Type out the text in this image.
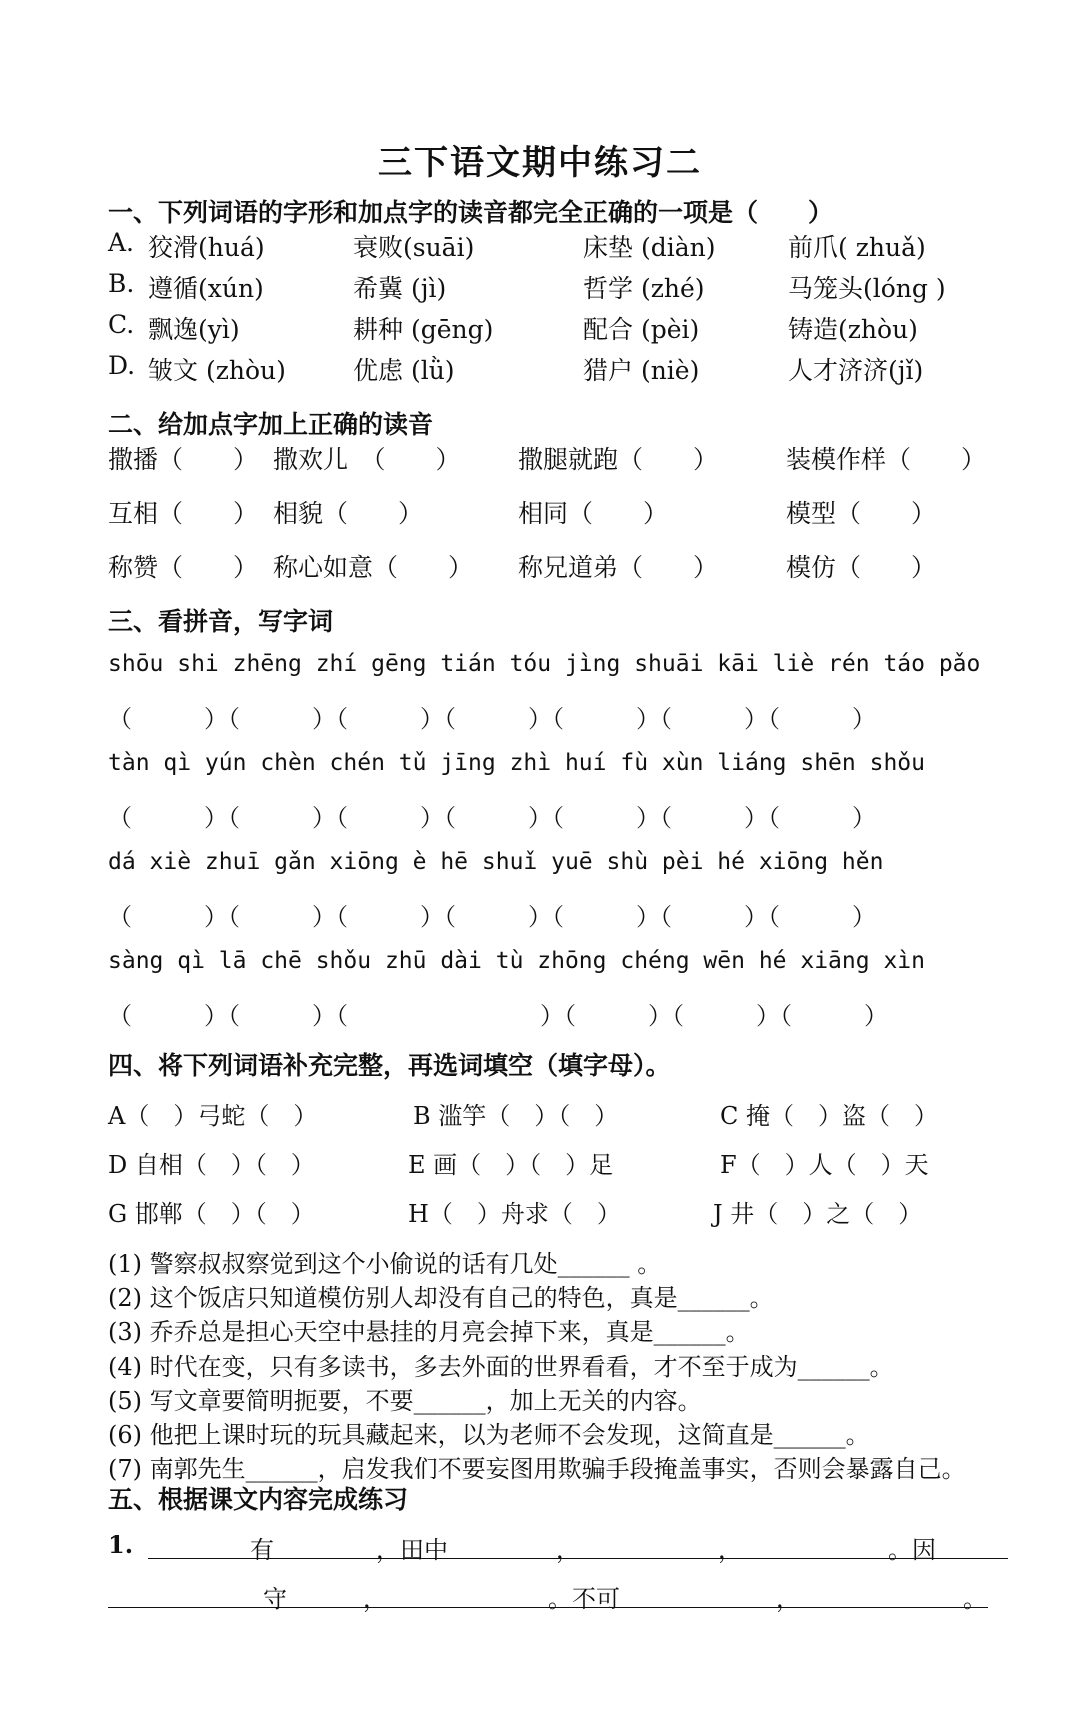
三下语文期中练习二
一、下列词语的字形和加点字的读音都完全正确的一项是（　　）
A. 狡滑(huá)	衰败(suāi)	床垫 (diàn)	前爪( zhuǎ)
B. 遵循(xún)	希冀 (jì)	哲学 (zhé)	马笼头(lóng )
C. 飘逸(yì)	耕种 (gēng)	配合 (pèi)	铸造(zhòu)
D. 皱文 (zhòu)	优虑 (lǜ)	猎户 (niè)	人才济济(jǐ)
二、给加点字加上正确的读音
撒播（　　） 撒欢儿　（　　） 撒腿就跑（　　）	装模作样（　　）
互相（　　） 相貌（　　）	相同（　　）	模型（　　）
称赞（　　） 称心如意（　　） 称兄道弟（　　）	模仿（　　）
三、看拼音，写字词
shōu shi zhēng zhí gēng tián tóu jìng shuāi kāi liè rén táo pǎo
（　　　）（　　　）（　　　）（　　　）（　　　）（　　　）（　　　）
tàn qì yún chèn chén tǔ jīng zhì huí fù xùn liáng shēn shǒu
（　　　）（　　　）（　　　）（　　　）（　　　）（　　　）（　　　）
dá xiè zhuī gǎn xiōng è hē shuǐ yuē shù pèi hé xiōng hěn
（　　　）（　　　）（　　　）（　　　）（　　　）（　　　）（　　　）
sàng qì lā chē shǒu zhū dài tù zhōng chéng wēn hé xiāng xìn
（　　　）（　　　）（　　　　　　　　）（　　　）（　　　）（　　　）
四、将下列词语补充完整，再选词填空（填字母）。
A（　）弓蛇（　）	B 滥竽（　）（　）	C 掩（　）盗（　）
D 自相（　）（　）	E 画（　）（　）足	F（　）人（　）天
G 邯郸（　）（　）	H（　）舟求（　）	J 井（　）之（　）
(1) 警察叔叔察觉到这个小偷说的话有几处______ 。
(2) 这个饭店只知道模仿别人却没有自己的特色，真是______。
(3) 乔乔总是担心天空中悬挂的月亮会掉下来，真是______。
(4) 时代在变，只有多读书，多去外面的世界看看，才不至于成为______。
(5) 写文章要简明扼要，不要______，加上无关的内容。
(6) 他把上课时玩的玩具藏起来，以为老师不会发现，这简直是______。
(7) 南郭先生______，启发我们不要妄图用欺骗手段掩盖事实，否则会暴露自己。
五、根据课文内容完成练习
1.	有	，田中	，	，	。因
守	，	。不可	，	。
